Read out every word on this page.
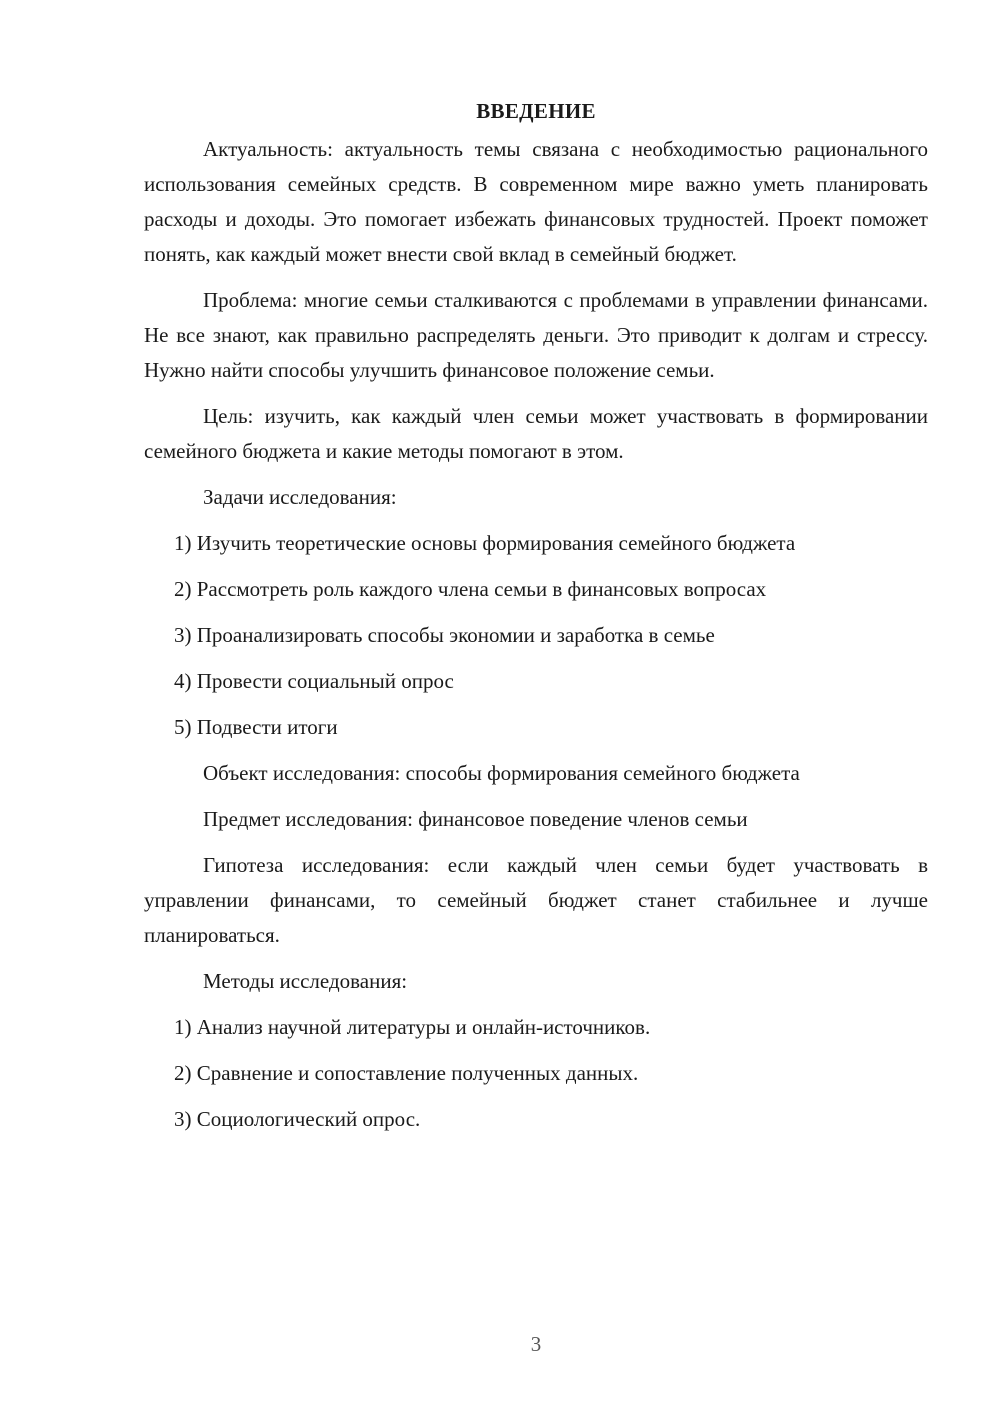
ВВЕДЕНИЕ

Актуальность: актуальность темы связана с необходимостью рационального использования семейных средств. В современном мире важно уметь планировать расходы и доходы. Это помогает избежать финансовых трудностей. Проект поможет понять, как каждый может внести свой вклад в семейный бюджет.

Проблема: многие семьи сталкиваются с проблемами в управлении финансами. Не все знают, как правильно распределять деньги. Это приводит к долгам и стрессу. Нужно найти способы улучшить финансовое положение семьи.

Цель: изучить, как каждый член семьи может участвовать в формировании семейного бюджета и какие методы помогают в этом.

Задачи исследования:

1) Изучить теоретические основы формирования семейного бюджета

2) Рассмотреть роль каждого члена семьи в финансовых вопросах

3) Проанализировать способы экономии и заработка в семье

4) Провести социальный опрос

5) Подвести итоги

Объект исследования: способы формирования семейного бюджета

Предмет исследования: финансовое поведение членов семьи

Гипотеза исследования: если каждый член семьи будет участвовать в управлении финансами, то семейный бюджет станет стабильнее и лучше планироваться.

Методы исследования:

1) Анализ научной литературы и онлайн-источников.

2) Сравнение и сопоставление полученных данных.

3) Социологический опрос.

3
